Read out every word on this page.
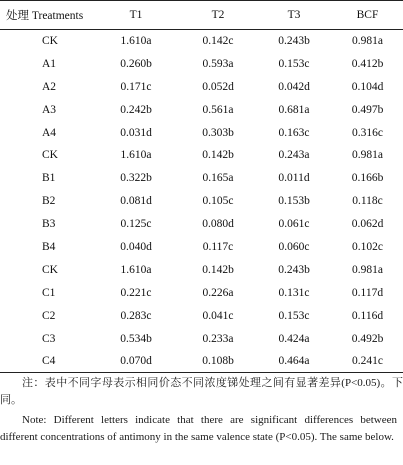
处理 Treatments	T1	T2	T3	BCF
CK	1.610a	0.142c	0.243b	0.981a
A1	0.260b	0.593a	0.153c	0.412b
A2	0.171c	0.052d	0.042d	0.104d
A3	0.242b	0.561a	0.681a	0.497b
A4	0.031d	0.303b	0.163c	0.316c
CK	1.610a	0.142b	0.243a	0.981a
B1	0.322b	0.165a	0.011d	0.166b
B2	0.081d	0.105c	0.153b	0.118c
B3	0.125c	0.080d	0.061c	0.062d
B4	0.040d	0.117c	0.060c	0.102c
CK	1.610a	0.142b	0.243b	0.981a
C1	0.221c	0.226a	0.131c	0.117d
C2	0.283c	0.041c	0.153c	0.116d
C3	0.534b	0.233a	0.424a	0.492b
C4	0.070d	0.108b	0.464a	0.241c

注：表中不同字母表示相同价态不同浓度锑处理之间有显著差异(P<0.05)。下同。

Note: Different letters indicate that there are significant differences between different concentrations of antimony in the same valence state (P<0.05). The same below.
